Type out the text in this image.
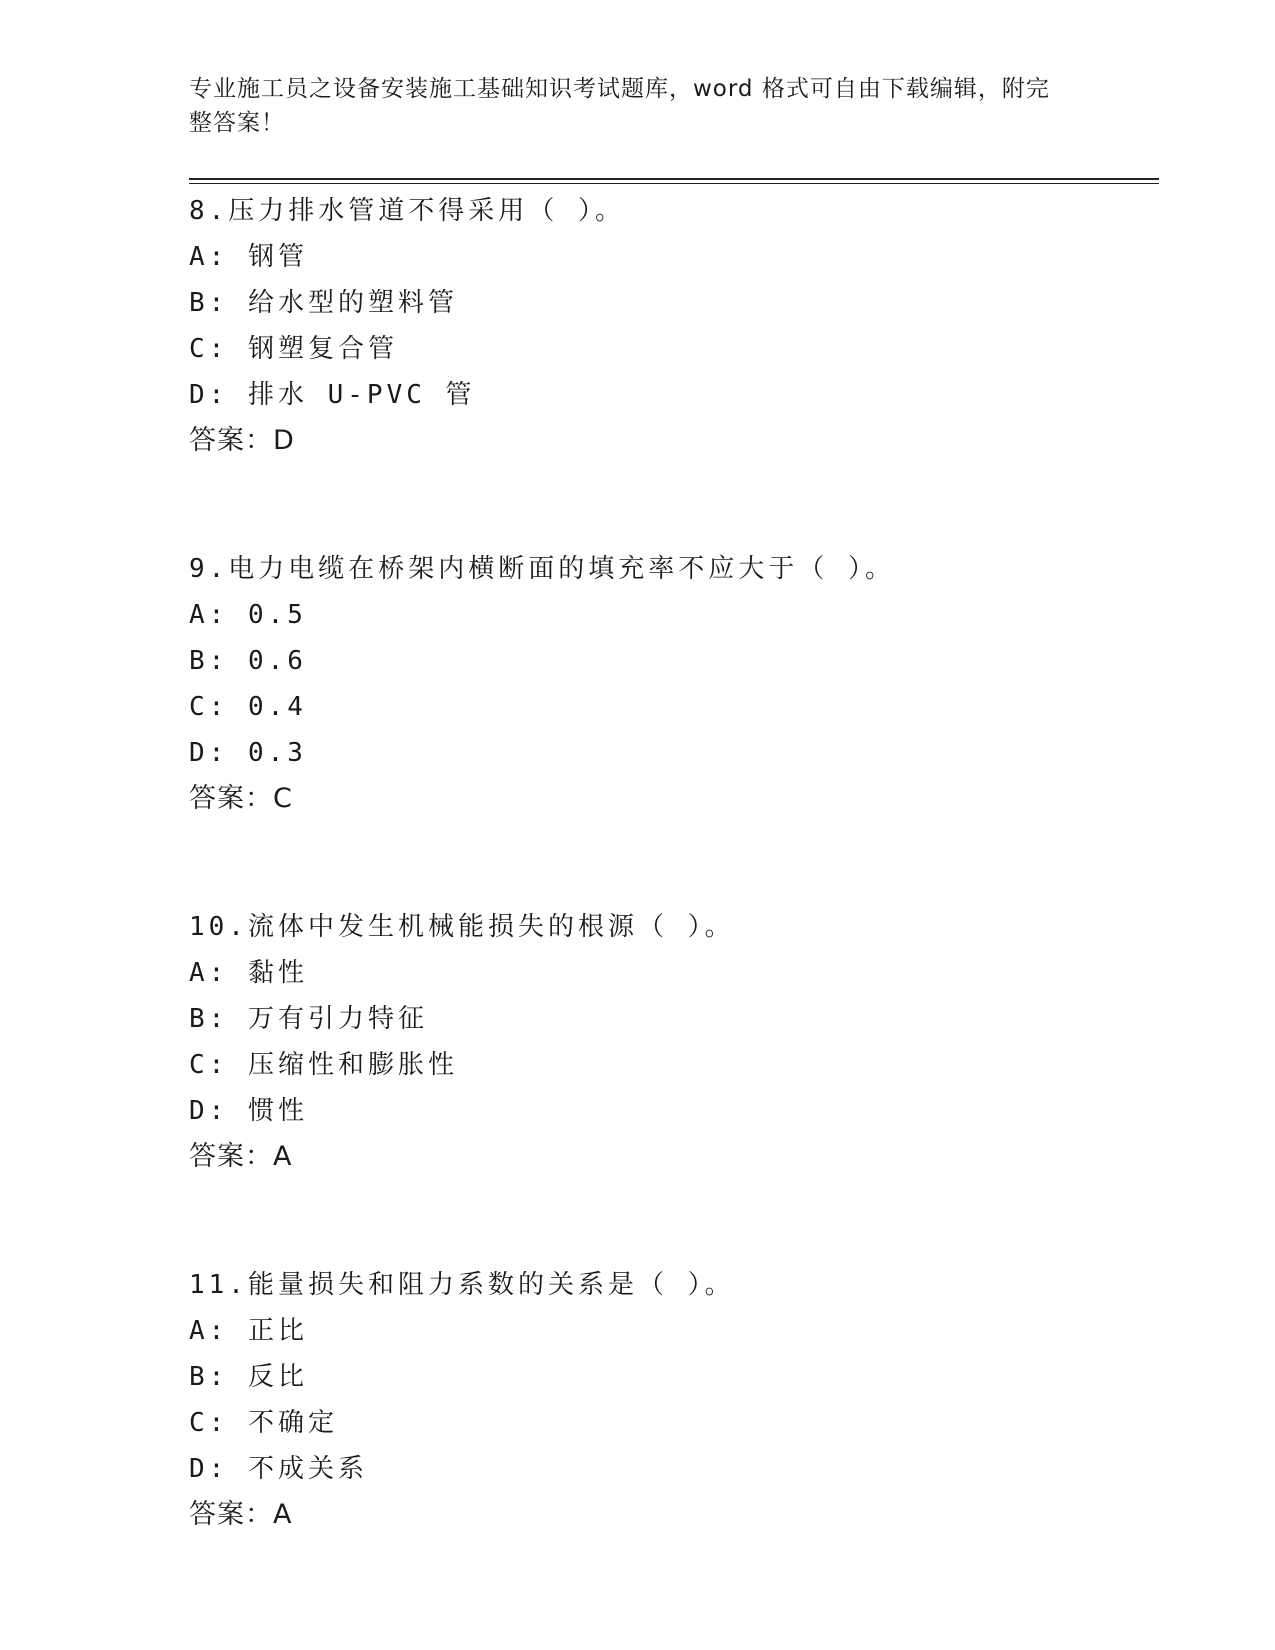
专业施工员之设备安装施工基础知识考试题库，word 格式可自由下载编辑，附完
整答案！
8.压力排水管道不得采用（ ）。
A: 钢管
B: 给水型的塑料管
C: 钢塑复合管
D: 排水 U-PVC 管
答案：D
9.电力电缆在桥架内横断面的填充率不应大于（ ）。
A: 0.5
B: 0.6
C: 0.4
D: 0.3
答案：C
10.流体中发生机械能损失的根源（ ）。
A: 黏性
B: 万有引力特征
C: 压缩性和膨胀性
D: 惯性
答案：A
11.能量损失和阻力系数的关系是（ ）。
A: 正比
B: 反比
C: 不确定
D: 不成关系
答案：A
